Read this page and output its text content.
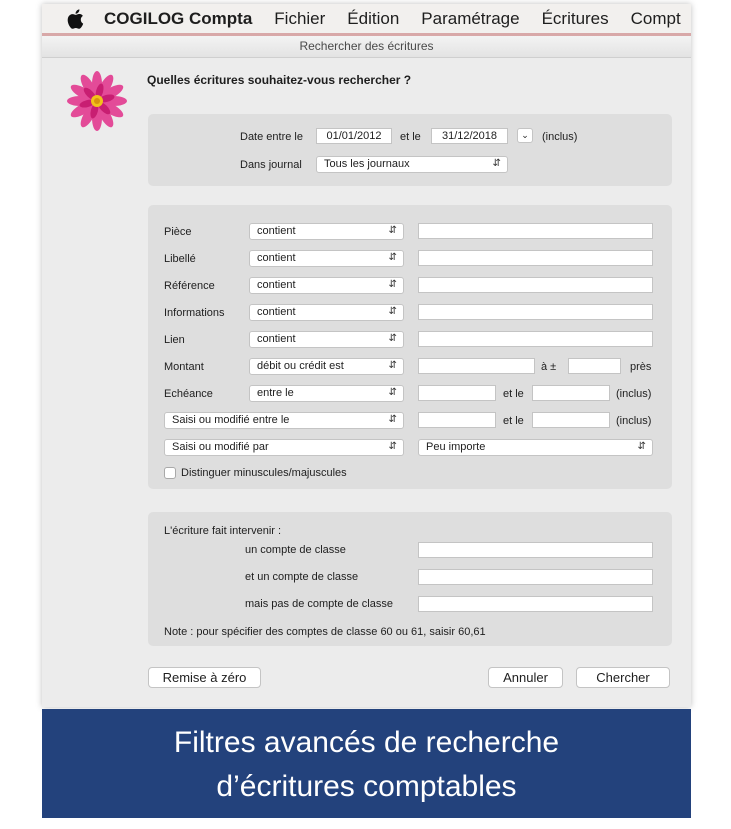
COGILOG Compta Fichier Édition Paramétrage Écritures Compt
Rechercher des écritures
Quelles écritures souhaitez-vous rechercher ?
Date entre le	01/01/2012	et le	31/12/2018	⌄	(inclus)
Dans journal	Tous les journaux	⇵
Pièce	contient	⇵
Libellé	contient	⇵
Référence	contient	⇵
Informations	contient	⇵
Lien	contient	⇵
Montant	débit ou crédit est	⇵	à ±	près
Echéance	entre le	⇵	et le	(inclus)
Saisi ou modifié entre le	⇵	et le	(inclus)
Saisi ou modifié par	⇵	Peu importe	⇵
Distinguer minuscules/majuscules
L'écriture fait intervenir :
un compte de classe
et un compte de classe
mais pas de compte de classe
Note : pour spécifier des comptes de classe 60 ou 61, saisir 60,61
Remise à zéro	Annuler	Chercher
Filtres avancés de recherche
d’écritures comptables
